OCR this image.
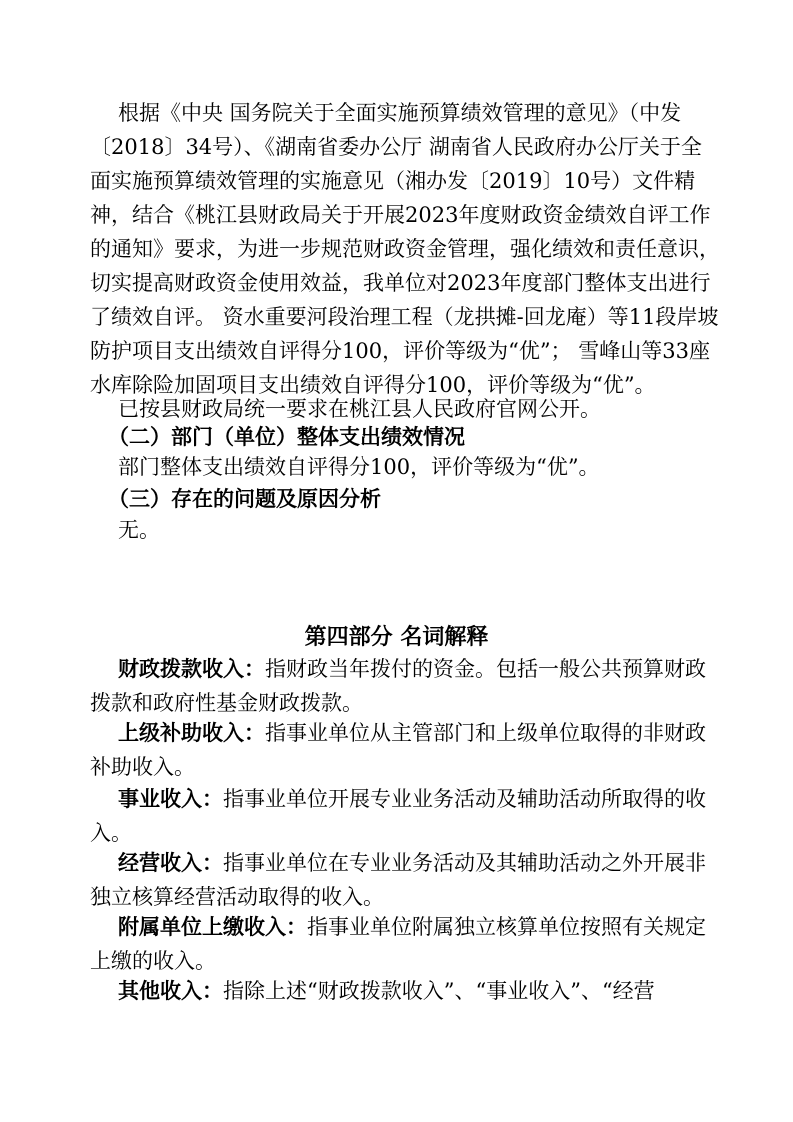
根据《中央 国务院关于全面实施预算绩效管理的意见》（中发〔2018〕34号）、《湖南省委办公厅 湖南省人民政府办公厅关于全面实施预算绩效管理的实施意见（湘办发〔2019〕10号）文件精神，结合《桃江县财政局关于开展2023年度财政资金绩效自评工作的通知》要求，为进一步规范财政资金管理，强化绩效和责任意识，切实提高财政资金使用效益，我单位对2023年度部门整体支出进行了绩效自评。 资水重要河段治理工程（龙拱摊-回龙庵）等11段岸坡防护项目支出绩效自评得分100，评价等级为“优”； 雪峰山等33座水库除险加固项目支出绩效自评得分100，评价等级为“优”。

已按县财政局统一要求在桃江县人民政府官网公开。

（二）部门（单位）整体支出绩效情况

部门整体支出绩效自评得分100，评价等级为“优”。

（三）存在的问题及原因分析

无。

第四部分 名词解释

财政拨款收入：指财政当年拨付的资金。包括一般公共预算财政拨款和政府性基金财政拨款。

上级补助收入：指事业单位从主管部门和上级单位取得的非财政补助收入。

事业收入：指事业单位开展专业业务活动及辅助活动所取得的收入。

经营收入：指事业单位在专业业务活动及其辅助活动之外开展非独立核算经营活动取得的收入。

附属单位上缴收入：指事业单位附属独立核算单位按照有关规定上缴的收入。

其他收入：指除上述“财政拨款收入”、“事业收入”、“经营
